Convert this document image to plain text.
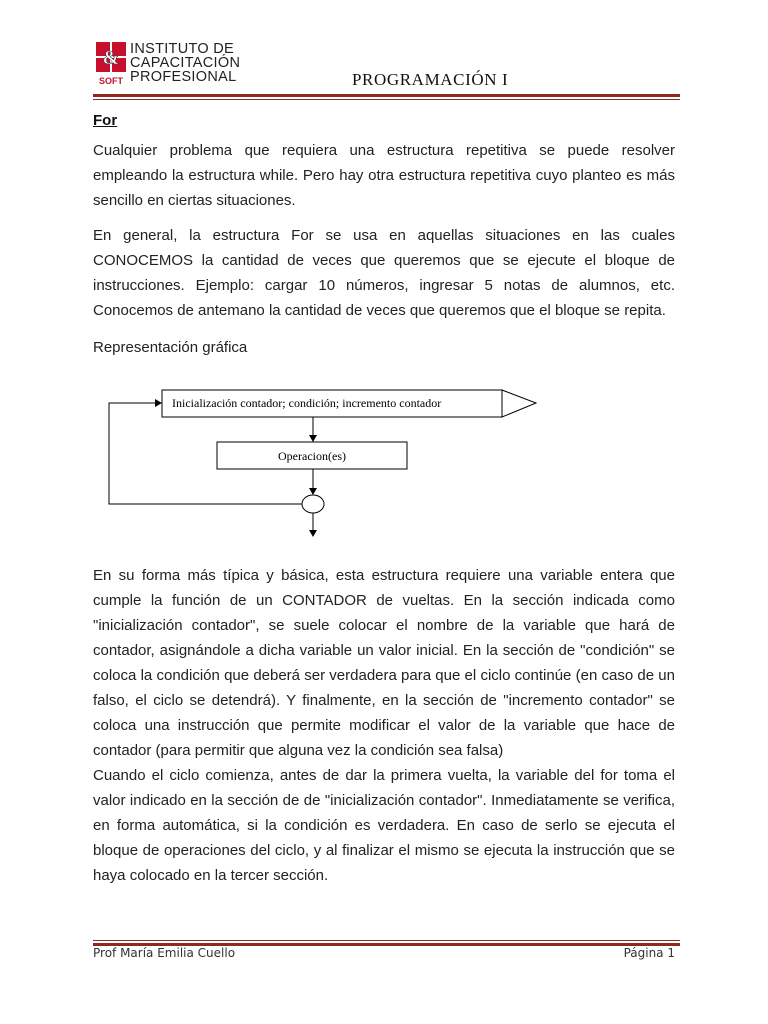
&
SOFT
INSTITUTO DE
CAPACITACIÓN
PROFESIONAL	PROGRAMACIÓN I
For

Cualquier problema que requiera una estructura repetitiva se puede resolver empleando la estructura while. Pero hay otra estructura repetitiva cuyo planteo es más sencillo en ciertas situaciones.

En general, la estructura For se usa en aquellas situaciones en las cuales CONOCEMOS la cantidad de veces que queremos que se ejecute el bloque de instrucciones. Ejemplo: cargar 10 números, ingresar 5 notas de alumnos, etc. Conocemos de antemano la cantidad de veces que queremos que el bloque se repita.

Representación gráfica

Inicialización contador; condición; incremento contador
Operacion(es)

En su forma más típica y básica, esta estructura requiere una variable entera que cumple la función de un CONTADOR de vueltas. En la sección indicada como "inicialización contador", se suele colocar el nombre de la variable que hará de contador, asignándole a dicha variable un valor inicial. En la sección de "condición" se coloca la condición que deberá ser verdadera para que el ciclo continúe (en caso de un falso, el ciclo se detendrá). Y finalmente, en la sección de "incremento contador" se coloca una instrucción que permite modificar el valor de la variable que hace de contador (para permitir que alguna vez la condición sea falsa)

Cuando el ciclo comienza, antes de dar la primera vuelta, la variable del for toma el valor indicado en la sección de de "inicialización contador". Inmediatamente se verifica, en forma automática, si la condición es verdadera. En caso de serlo se ejecuta el bloque de operaciones del ciclo, y al finalizar el mismo se ejecuta la instrucción que se haya colocado en la tercer sección.

Prof María Emilia Cuello	Página 1
